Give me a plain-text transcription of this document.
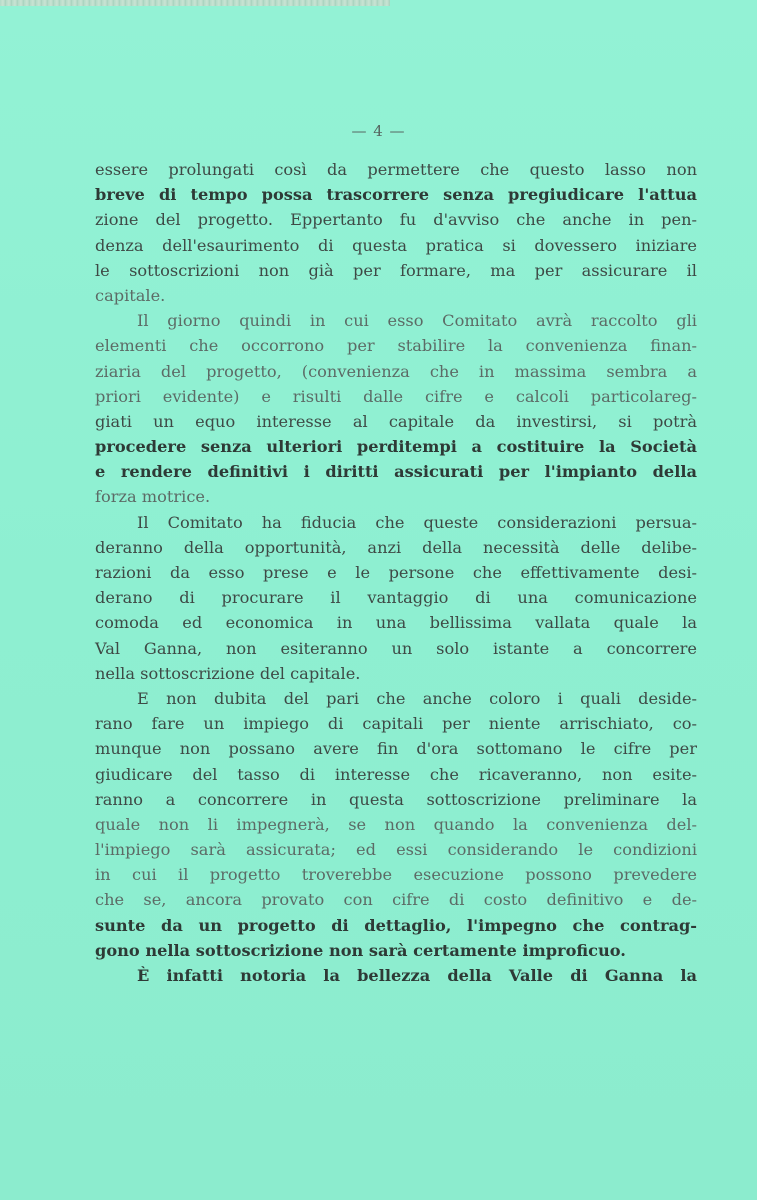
— 4 —
essere prolungati così da permettere che questo lasso non
breve di tempo possa trascorrere senza pregiudicare l'attua
zione del progetto. Eppertanto fu d'avviso che anche in pen-
denza dell'esaurimento di questa pratica si dovessero iniziare
le sottoscrizioni non già per formare, ma per assicurare il
capitale.
Il giorno quindi in cui esso Comitato avrà raccolto gli
elementi che occorrono per stabilire la convenienza finan-
ziaria del progetto, (convenienza che in massima sembra a
priori evidente) e risulti dalle cifre e calcoli particolareg-
giati un equo interesse al capitale da investirsi, si potrà
procedere senza ulteriori perditempi a costituire la Società
e rendere definitivi i diritti assicurati per l'impianto della
forza motrice.
Il Comitato ha fiducia che queste considerazioni persua-
deranno della opportunità, anzi della necessità delle delibe-
razioni da esso prese e le persone che effettivamente desi-
derano di procurare il vantaggio di una comunicazione
comoda ed economica in una bellissima vallata quale la
Val Ganna, non esiteranno un solo istante a concorrere
nella sottoscrizione del capitale.
E non dubita del pari che anche coloro i quali deside-
rano fare un impiego di capitali per niente arrischiato, co-
munque non possano avere fin d'ora sottomano le cifre per
giudicare del tasso di interesse che ricaveranno, non esite-
ranno a concorrere in questa sottoscrizione preliminare la
quale non li impegnerà, se non quando la convenienza del-
l'impiego sarà assicurata; ed essi considerando le condizioni
in cui il progetto troverebbe esecuzione possono prevedere
che se, ancora provato con cifre di costo definitivo e de-
sunte da un progetto di dettaglio, l'impegno che contrag-
gono nella sottoscrizione non sarà certamente improficuo.
È infatti notoria la bellezza della Valle di Ganna la
